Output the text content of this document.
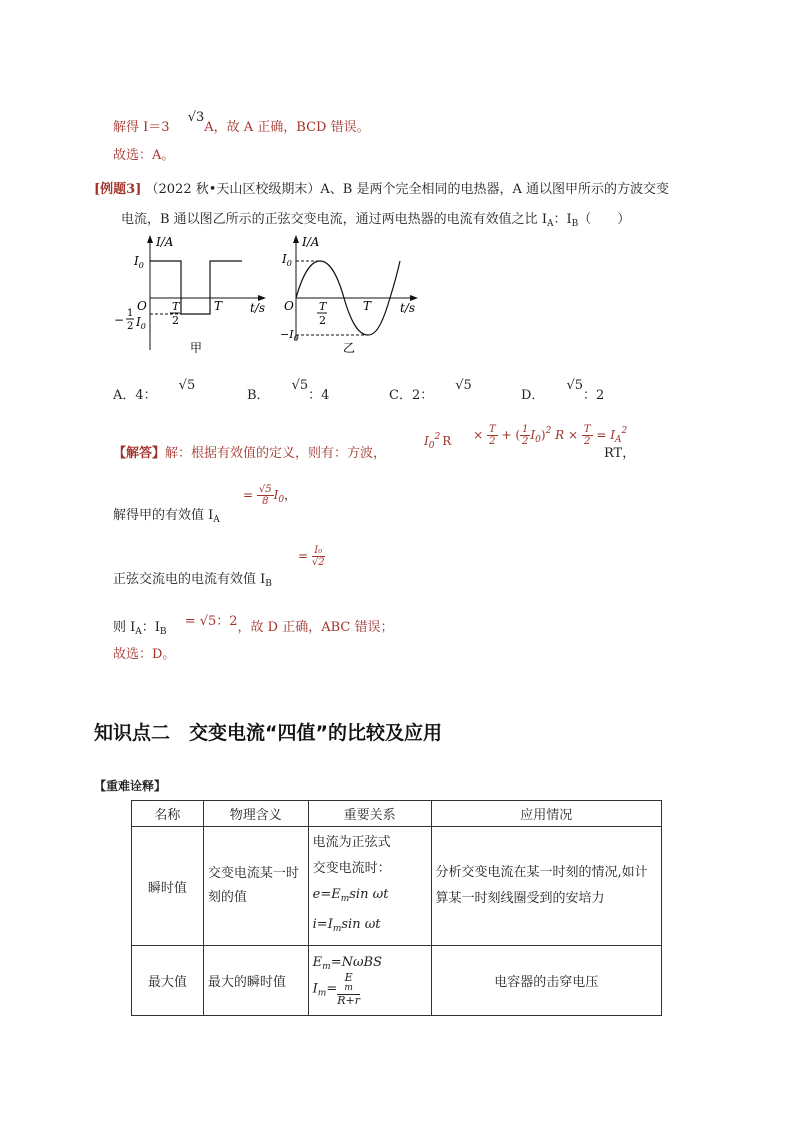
解得 I＝3 √3A，故 A 正确，BCD 错误。
故选：A。
[例题3] （2022 秋•天山区校级期末）A、B 是两个完全相同的电热器，A 通以图甲所示的方波交变
电流，B 通以图乙所示的正弦交变电流，通过两电热器的电流有效值之比 $I_A$：$I_B$（　　）
I/A
t/s
O
$I_0$
− 1
2 $I_0$
T
2
T
甲
I/A
t/s
O
$I_0$
$-I_0$
T
2
T
乙
A．4：√5
B．√5：4	C．2：√5
D．√5：2
【解答】解：根据有效值的定义，则有：方波，
$I_0^2$ $R \times \frac{T}{2}$ + ( $\frac{1}{2} I_0)^2$ $R \times \frac{T}{2} = I_A^2$
RT，
解得甲的有效值 $I_A$
= $\frac{√5}{8} I_0$，
正弦交流电的电流有效值 $I_B$
= $\frac{\text{I₀}}{√2}$
则 $I_A$：$I_B = √5$：2，故 D 正确，ABC 错误；
故选：D。
知识点二　交变电流“四值”的比较及应用
【重难诠释】
名称	物理含义	重要关系	应用情况
瞬时值	交变电流某一时刻的值	电流为正弦式
交变电流时：
$e=E_m\sin$ ωt
$i=I_m\sin$ ωt	分析交变电流在某一时刻的情况,如计算某一时刻线圈受到的安培力
最大值	最大的瞬时值	$E_m=N\omega BS$
$I_m= E$
m
R+r	电容器的击穿电压
